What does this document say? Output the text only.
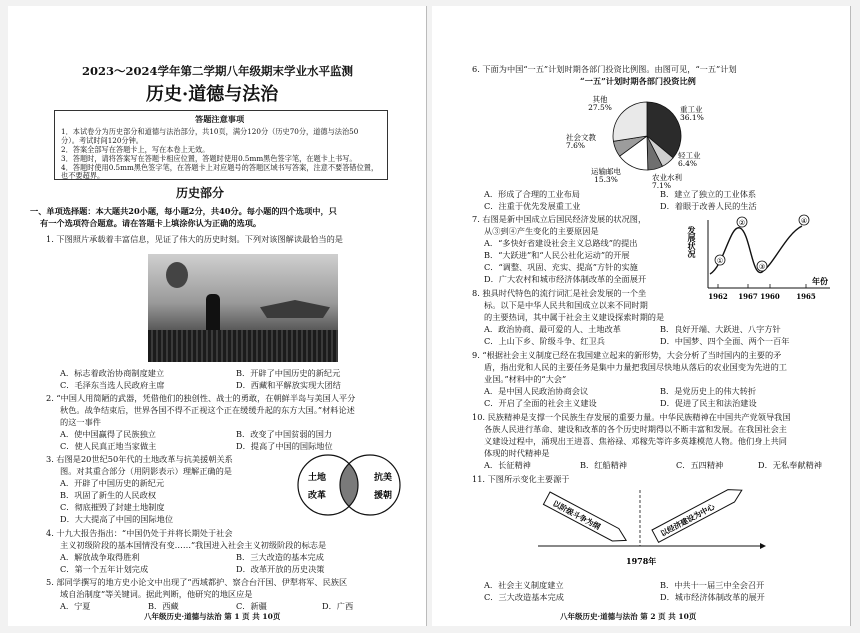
2023～2024学年第二学期八年级期末学业水平监测
历史·道德与法治
答题注意事项
1．本试卷分为历史部分和道德与法治部分，共10页，满分120分（历史70分，道德与法治50
分）。考试时间120分钟。
2．答案全部写在答题卡上，写在本卷上无效。
3．答题时，请将答案写在答题卡相应位置，答题时使用0.5mm黑色签字笔，在题卡上书写。
4．答题时使用0.5mm黑色签字笔，在答题卡上对应题号的答题区域书写答案，注意不要答错位置，
也不要超界。
历史部分
一、单项选择题：本大题共20小题，每小题2分，共40分。每小题的四个选项中，只
有一个选项符合题意。请在答题卡上填涂你认为正确的选项。
1. 下图照片承载着丰富信息，见证了伟大的历史时刻。下列对该图解读最恰当的是
A．标志着政治协商制度建立	B．开辟了中国历史的新纪元
C．毛泽东当选人民政府主席	D．西藏和平解放实现大团结
2. “中国人用简陋的武器，凭借他们的独创性、战士的勇敢，在朝鲜半岛与美国人平分
秋色。战争结束后，世界各国不得不正视这个正在缓缓升起的东方大国。”材料论述
的这一事件
A．使中国赢得了民族独立	B．改变了中国贫弱的国力
C．使人民真正地当家做主	D．提高了中国的国际地位
3. 右图是20世纪50年代的土地改革与抗美援朝关系
图。对其重合部分（用阴影表示）理解正确的是
A．开辟了中国历史的新纪元
B．巩固了新生的人民政权
C．彻底摧毁了封建土地制度
D．大大提高了中国的国际地位
土地
改革
抗美
援朝
4. 十九大报告指出：“中国仍处于并将长期处于社会
主义初级阶段的基本国情没有变……”我国进入社会主义初级阶段的标志是
A．解放战争取得胜利	B．三大改造的基本完成
C．第一个五年计划完成	D．改革开放的历史决策
5. 部同学撰写的地方史小论文中出现了“西域都护、察合台汗国、伊犁将军、民族区
域自治制度”等关键词。据此判断，他研究的地区应是
A．宁夏	B．西藏	C．新疆	D．广西
八年级历史·道德与法治 第 1 页 共 10页
6. 下面为中国“一五”计划时期各部门投资比例图。由图可见，“一五”计划
“一五”计划时期各部门投资比例
重工业
36.1%
轻工业
6.4%
农业水利
7.1%
运输邮电
15.3%
社会文教
7.6%
其他
27.5%
A．形成了合理的工业布局	B．建立了独立的工业体系
C．注重于优先发展重工业	D．着眼于改善人民的生活
7. 右图是新中国成立后国民经济发展的状况图，
从③到④产生变化的主要原因是
A．“多快好省建设社会主义总路线”的提出
B．“大跃进”和“人民公社化运动”的开展
C．“调整、巩固、充实、提高”方针的实施
D．广大农村和城市经济体制改革的全面展开
发展状况
年份
①
②
③
④
1962 1967 1960 1965
8. 独具时代特色的流行词汇是社会发展的一个坐
标。以下是中华人民共和国成立以来不同时期
的主要热词，其中属于社会主义建设探索时期的是
A．政治协商、最可爱的人、土地改革	B．良好开端、大跃进、八字方针
C．上山下乡、阶级斗争、红卫兵	D．中国梦、四个全面、两个一百年
9. “根据社会主义制度已经在我国建立起来的新形势，大会分析了当时国内的主要的矛
盾，指出党和人民的主要任务是集中力量把我国尽快地从落后的农业国变为先进的工
业国。”材料中的“大会”
A．是中国人民政治协商会议	B．是党历史上的伟大转折
C．开启了全面的社会主义建设	D．促进了民主和法治建设
10. 民族精神是支撑一个民族生存发展的重要力量。中华民族精神在中国共产党领导我国
各族人民进行革命、建设和改革的各个历史时期得以不断丰富和发展。在我国社会主
义建设过程中，涌现出王进喜、焦裕禄、邓稼先等许多英雄模范人物。他们身上共同
体现的时代精神是
A．长征精神	B．红船精神	C．五四精神	D．无私奉献精神
11. 下图所示变化主要源于
以阶级斗争为纲	以经济建设为中心
1978年
A．社会主义制度建立	B．中共十一届三中全会召开
C．三大改造基本完成	D．城市经济体制改革的展开
八年级历史·道德与法治 第 2 页 共 10页
